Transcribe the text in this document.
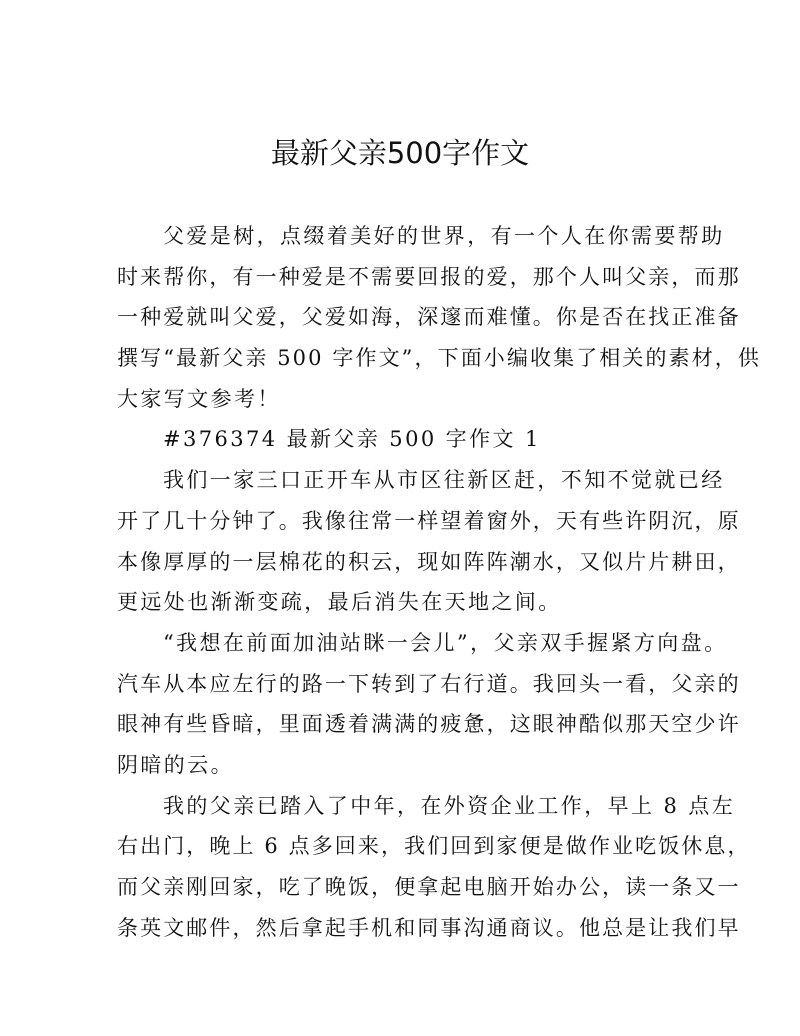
最新父亲500字作文
父爱是树，点缀着美好的世界，有一个人在你需要帮助
时来帮你，有一种爱是不需要回报的爱，那个人叫父亲，而那
一种爱就叫父爱，父爱如海，深邃而难懂。你是否在找正准备
撰写“最新父亲 500 字作文”，下面小编收集了相关的素材，供
大家写文参考！
#376374 最新父亲 500 字作文 1
我们一家三口正开车从市区往新区赶，不知不觉就已经
开了几十分钟了。我像往常一样望着窗外，天有些许阴沉，原
本像厚厚的一层棉花的积云，现如阵阵潮水，又似片片耕田，
更远处也渐渐变疏，最后消失在天地之间。
“我想在前面加油站眯一会儿”，父亲双手握紧方向盘。
汽车从本应左行的路一下转到了右行道。我回头一看，父亲的
眼神有些昏暗，里面透着满满的疲惫，这眼神酷似那天空少许
阴暗的云。
我的父亲已踏入了中年，在外资企业工作，早上 8 点左
右出门，晚上 6 点多回来，我们回到家便是做作业吃饭休息，
而父亲刚回家，吃了晚饭，便拿起电脑开始办公，读一条又一
条英文邮件，然后拿起手机和同事沟通商议。他总是让我们早
